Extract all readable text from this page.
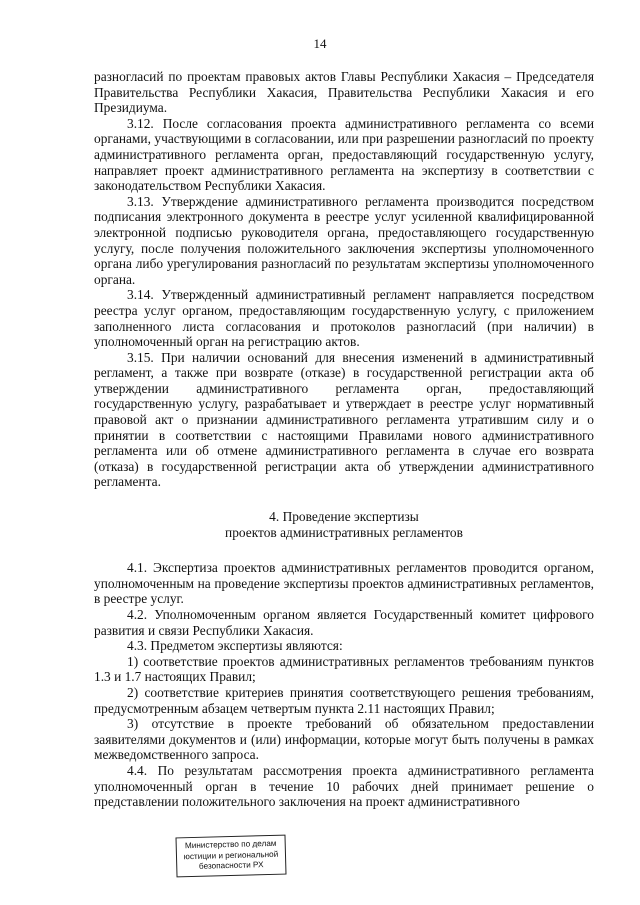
14

разногласий по проектам правовых актов Главы Республики Хакасия – Председателя Правительства Республики Хакасия, Правительства Республики Хакасия и его Президиума.

3.12. После согласования проекта административного регламента со всеми органами, участвующими в согласовании, или при разрешении разногласий по проекту административного регламента орган, предоставляющий государственную услугу, направляет проект административного регламента на экспертизу в соответствии с законодательством Республики Хакасия.

3.13. Утверждение административного регламента производится посредством подписания электронного документа в реестре услуг усиленной квалифицированной электронной подписью руководителя органа, предоставляющего государственную услугу, после получения положительного заключения экспертизы уполномоченного органа либо урегулирования разногласий по результатам экспертизы уполномоченного органа.

3.14. Утвержденный административный регламент направляется посредством реестра услуг органом, предоставляющим государственную услугу, с приложением заполненного листа согласования и протоколов разногласий (при наличии) в уполномоченный орган на регистрацию актов.

3.15. При наличии оснований для внесения изменений в административный регламент, а также при возврате (отказе) в государственной регистрации акта об утверждении административного регламента орган, предоставляющий государственную услугу, разрабатывает и утверждает в реестре услуг нормативный правовой акт о признании административного регламента утратившим силу и о принятии в соответствии с настоящими Правилами нового административного регламента или об отмене административного регламента в случае его возврата (отказа) в государственной регистрации акта об утверждении административного регламента.

4. Проведение экспертизы
проектов административных регламентов

4.1. Экспертиза проектов административных регламентов проводится органом, уполномоченным на проведение экспертизы проектов административных регламентов, в реестре услуг.

4.2. Уполномоченным органом является Государственный комитет цифрового развития и связи Республики Хакасия.

4.3. Предметом экспертизы являются:

1) соответствие проектов административных регламентов требованиям пунктов 1.3 и 1.7 настоящих Правил;

2) соответствие критериев принятия соответствующего решения требованиям, предусмотренным абзацем четвертым пункта 2.11 настоящих Правил;

3) отсутствие в проекте требований об обязательном предоставлении заявителями документов и (или) информации, которые могут быть получены в рамках межведомственного запроса.

4.4. По результатам рассмотрения проекта административного регламента уполномоченный орган в течение 10 рабочих дней принимает решение о представлении положительного заключения на проект административного

Министерство по делам
юстиции и региональной
безопасности РХ
